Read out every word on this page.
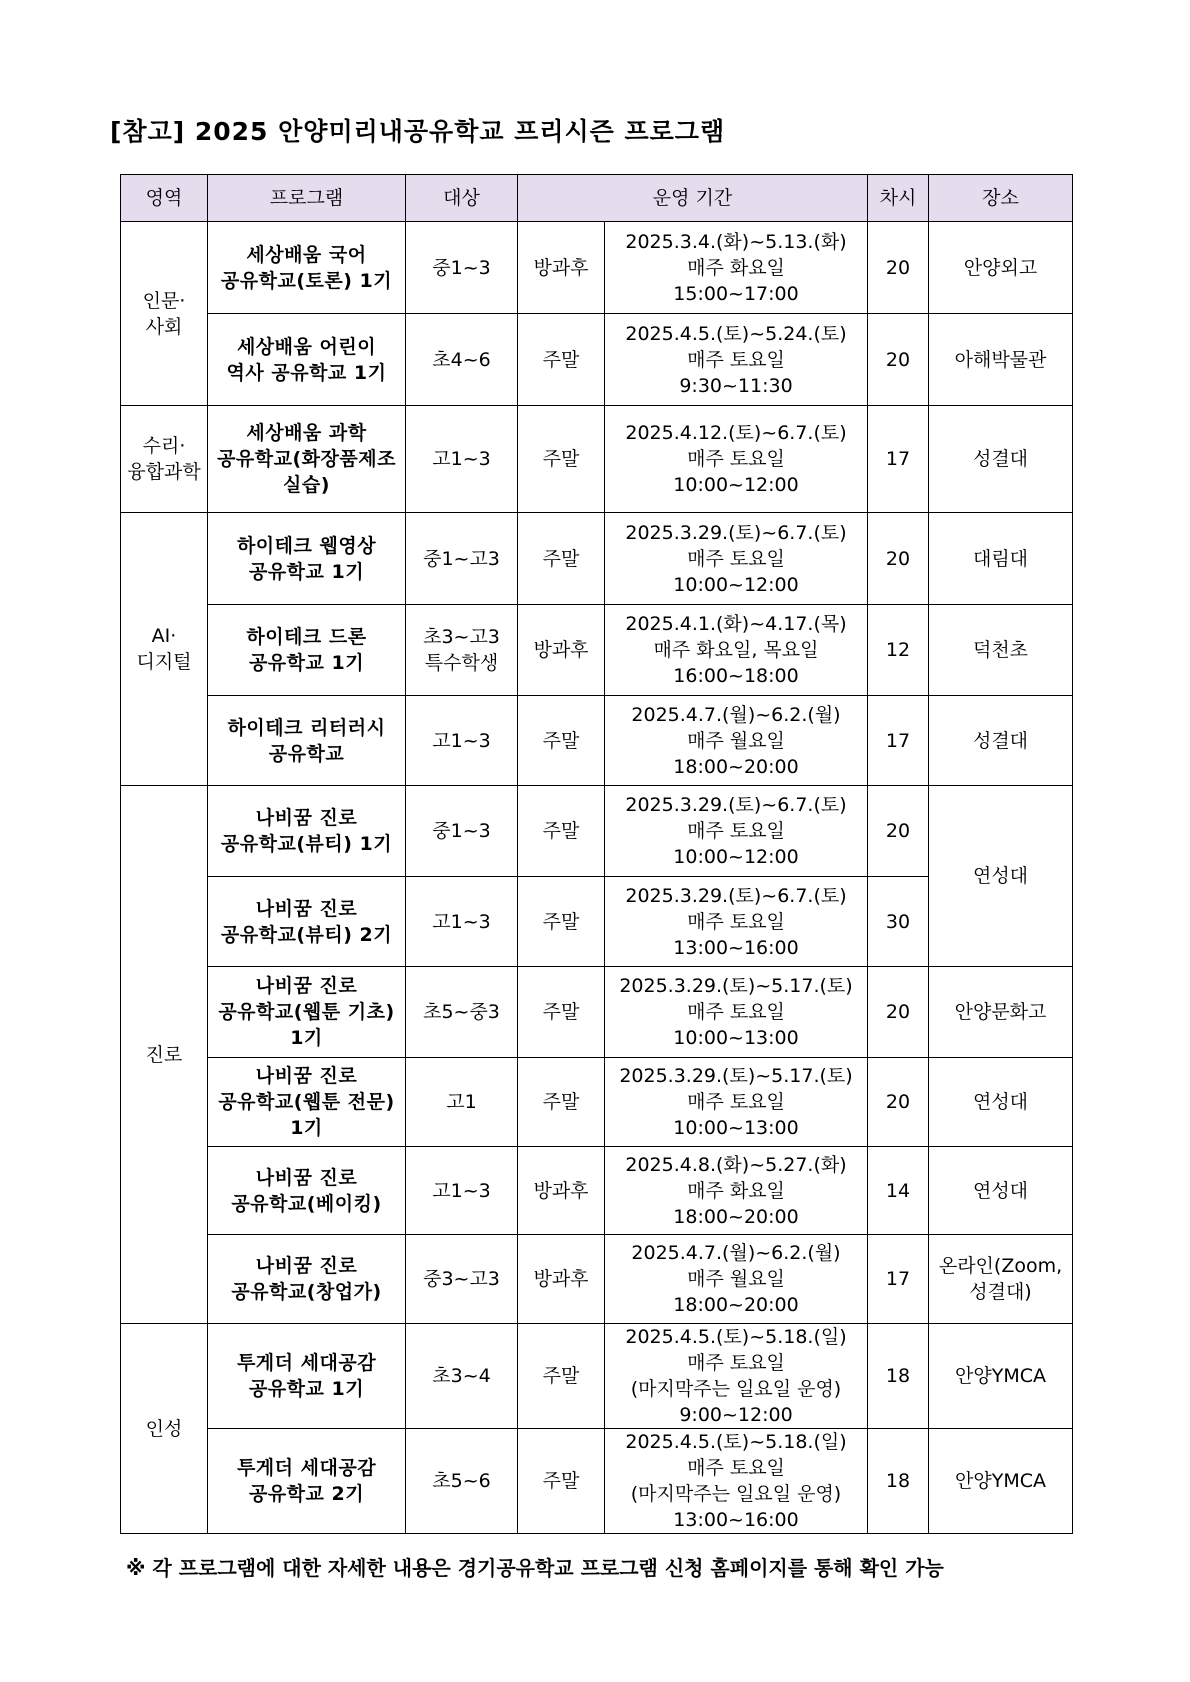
[참고] 2025 안양미리내공유학교 프리시즌 프로그램
영역	프로그램	대상	운영 기간		차시	장소
인문·
사회	세상배움 국어
공유학교(토론) 1기	중1~3	방과후	2025.3.4.(화)~5.13.(화)
매주 화요일
15:00~17:00	20	안양외고
	세상배움 어린이
역사 공유학교 1기	초4~6	주말	2025.4.5.(토)~5.24.(토)
매주 토요일
9:30~11:30	20	아해박물관
수리·
융합과학	세상배움 과학
공유학교(화장품제조
실습)	고1~3	주말	2025.4.12.(토)~6.7.(토)
매주 토요일
10:00~12:00	17	성결대
AI·
디지털	하이테크 웹영상
공유학교 1기	중1~고3	주말	2025.3.29.(토)~6.7.(토)
매주 토요일
10:00~12:00	20	대림대
	하이테크 드론
공유학교 1기	초3~고3
특수학생	방과후	2025.4.1.(화)~4.17.(목)
매주 화요일, 목요일
16:00~18:00	12	덕천초
	하이테크 리터러시
공유학교	고1~3	주말	2025.4.7.(월)~6.2.(월)
매주 월요일
18:00~20:00	17	성결대
진로	나비꿈 진로
공유학교(뷰티) 1기	중1~3	주말	2025.3.29.(토)~6.7.(토)
매주 토요일
10:00~12:00	20	연성대
	나비꿈 진로
공유학교(뷰티) 2기	고1~3	주말	2025.3.29.(토)~6.7.(토)
매주 토요일
13:00~16:00	30	
	나비꿈 진로
공유학교(웹툰 기초)
1기	초5~중3	주말	2025.3.29.(토)~5.17.(토)
매주 토요일
10:00~13:00	20	안양문화고
	나비꿈 진로
공유학교(웹툰 전문)
1기	고1	주말	2025.3.29.(토)~5.17.(토)
매주 토요일
10:00~13:00	20	연성대
	나비꿈 진로
공유학교(베이킹)	고1~3	방과후	2025.4.8.(화)~5.27.(화)
매주 화요일
18:00~20:00	14	연성대
	나비꿈 진로
공유학교(창업가)	중3~고3	방과후	2025.4.7.(월)~6.2.(월)
매주 월요일
18:00~20:00	17	온라인(Zoom,
성결대)
인성	투게더 세대공감
공유학교 1기	초3~4	주말	2025.4.5.(토)~5.18.(일)
매주 토요일
(마지막주는 일요일 운영)
9:00~12:00	18	안양YMCA
	투게더 세대공감
공유학교 2기	초5~6	주말	2025.4.5.(토)~5.18.(일)
매주 토요일
(마지막주는 일요일 운영)
13:00~16:00	18	안양YMCA
※ 각 프로그램에 대한 자세한 내용은 경기공유학교 프로그램 신청 홈페이지를 통해 확인 가능
